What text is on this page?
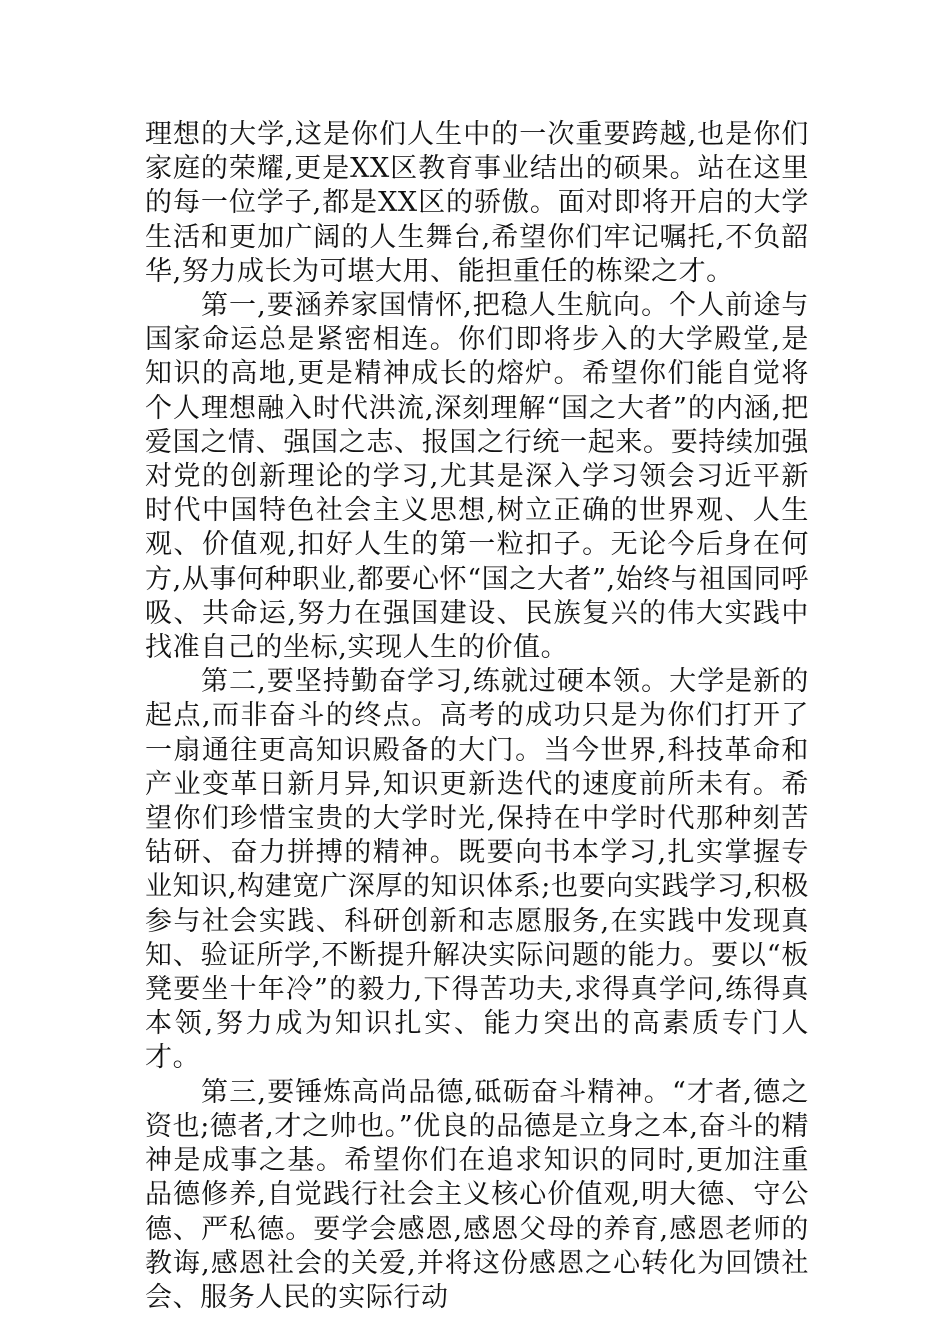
理想的大学,这是你们人生中的一次重要跨越,也是你们家庭的荣耀,更是XX区教育事业结出的硕果。站在这里的每一位学子,都是XX区的骄傲。面对即将开启的大学生活和更加广阔的人生舞台,希望你们牢记嘱托,不负韶华,努力成长为可堪大用、能担重任的栋梁之才。

第一,要涵养家国情怀,把稳人生航向。个人前途与国家命运总是紧密相连。你们即将步入的大学殿堂,是知识的高地,更是精神成长的熔炉。希望你们能自觉将个人理想融入时代洪流,深刻理解“国之大者”的内涵,把爱国之情、强国之志、报国之行统一起来。要持续加强对党的创新理论的学习,尤其是深入学习领会习近平新时代中国特色社会主义思想,树立正确的世界观、人生观、价值观,扣好人生的第一粒扣子。无论今后身在何方,从事何种职业,都要心怀“国之大者”,始终与祖国同呼吸、共命运,努力在强国建设、民族复兴的伟大实践中找准自己的坐标,实现人生的价值。

第二,要坚持勤奋学习,练就过硬本领。大学是新的起点,而非奋斗的终点。高考的成功只是为你们打开了一扇通往更高知识殿备的大门。当今世界,科技革命和产业变革日新月异,知识更新迭代的速度前所未有。希望你们珍惜宝贵的大学时光,保持在中学时代那种刻苦钻研、奋力拼搏的精神。既要向书本学习,扎实掌握专业知识,构建宽广深厚的知识体系;也要向实践学习,积极参与社会实践、科研创新和志愿服务,在实践中发现真知、验证所学,不断提升解决实际问题的能力。要以“板凳要坐十年冷”的毅力,下得苦功夫,求得真学问,练得真本领,努力成为知识扎实、能力突出的高素质专门人才。

第三,要锤炼高尚品德,砥砺奋斗精神。“才者,德之资也;德者,才之帅也。”优良的品德是立身之本,奋斗的精神是成事之基。希望你们在追求知识的同时,更加注重品德修养,自觉践行社会主义核心价值观,明大德、守公德、严私德。要学会感恩,感恩父母的养育,感恩老师的教诲,感恩社会的关爱,并将这份感恩之心转化为回馈社会、服务人民的实际行动
